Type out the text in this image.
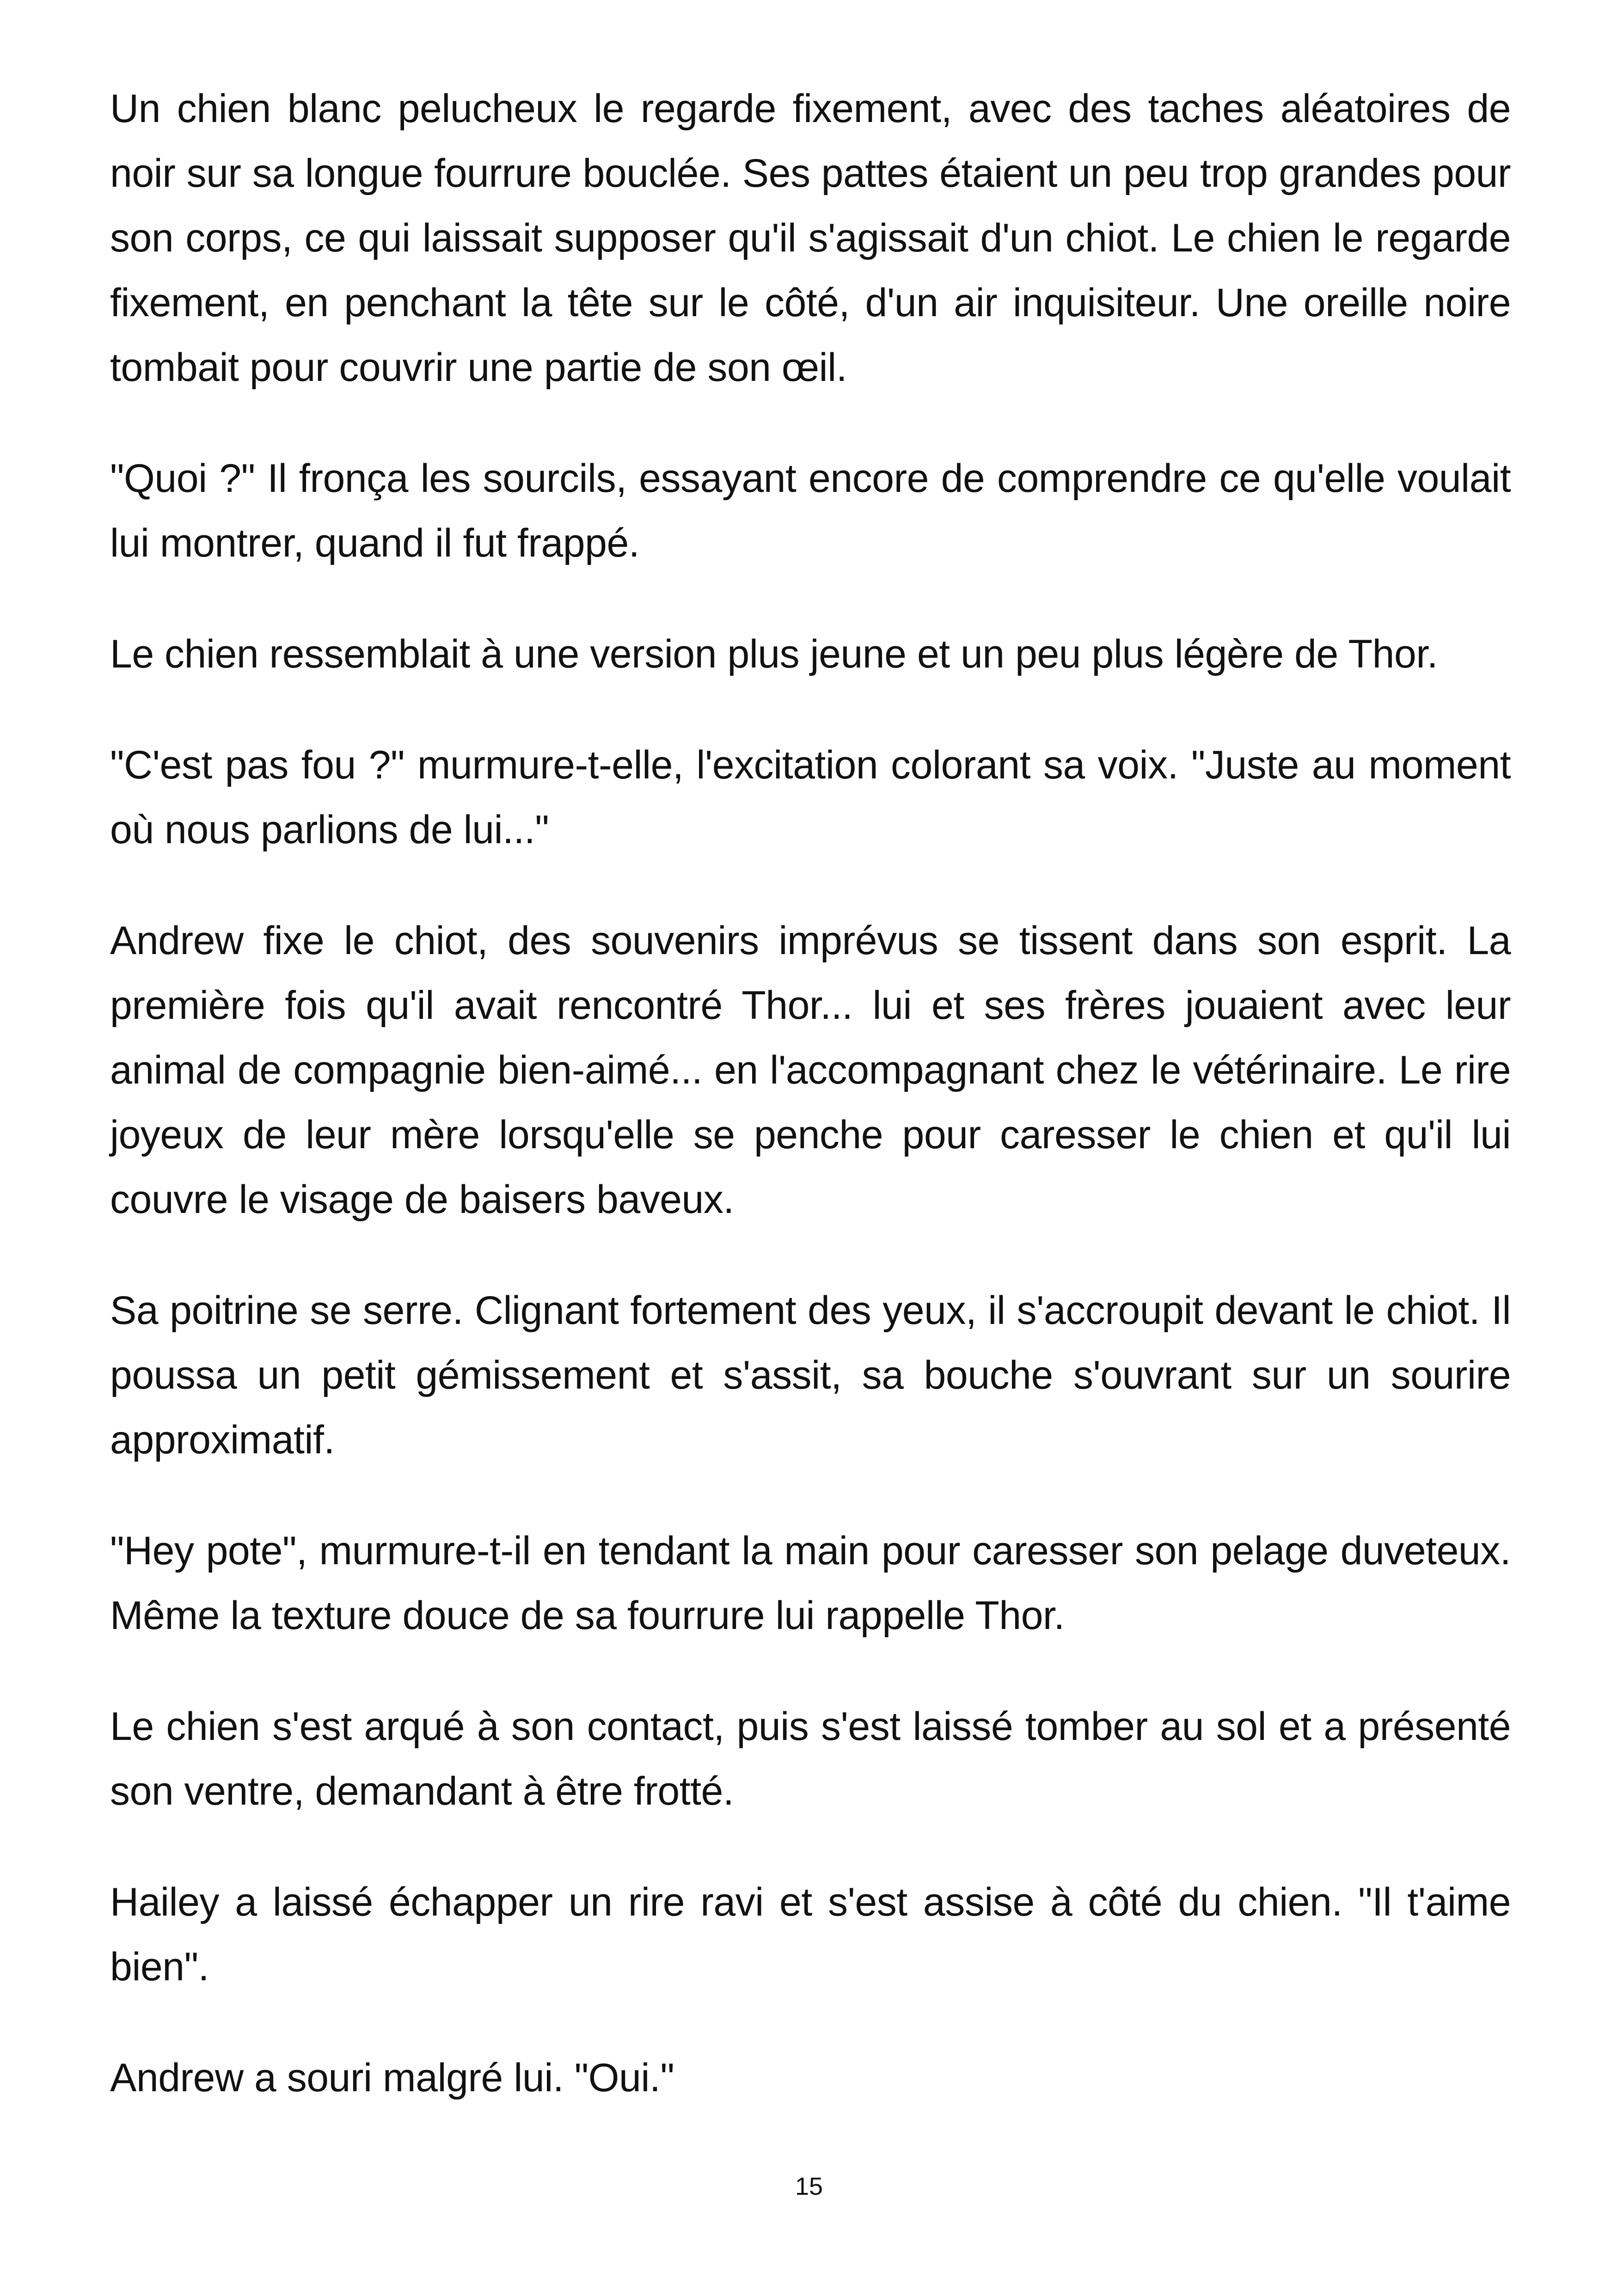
Un chien blanc pelucheux le regarde fixement, avec des taches aléatoires de noir sur sa longue fourrure bouclée. Ses pattes étaient un peu trop grandes pour son corps, ce qui laissait supposer qu'il s'agissait d'un chiot. Le chien le regarde fixement, en penchant la tête sur le côté, d'un air inquisiteur. Une oreille noire tombait pour couvrir une partie de son œil.

"Quoi ?" Il fronça les sourcils, essayant encore de comprendre ce qu'elle voulait lui montrer, quand il fut frappé.

Le chien ressemblait à une version plus jeune et un peu plus légère de Thor.

"C'est pas fou ?" murmure-t-elle, l'excitation colorant sa voix. "Juste au moment où nous parlions de lui..."

Andrew fixe le chiot, des souvenirs imprévus se tissent dans son esprit. La première fois qu'il avait rencontré Thor... lui et ses frères jouaient avec leur animal de compagnie bien-aimé... en l'accompagnant chez le vétérinaire. Le rire joyeux de leur mère lorsqu'elle se penche pour caresser le chien et qu'il lui couvre le visage de baisers baveux.

Sa poitrine se serre. Clignant fortement des yeux, il s'accroupit devant le chiot. Il poussa un petit gémissement et s'assit, sa bouche s'ouvrant sur un sourire approximatif.

"Hey pote", murmure-t-il en tendant la main pour caresser son pelage duveteux. Même la texture douce de sa fourrure lui rappelle Thor.

Le chien s'est arqué à son contact, puis s'est laissé tomber au sol et a présenté son ventre, demandant à être frotté.

Hailey a laissé échapper un rire ravi et s'est assise à côté du chien. "Il t'aime bien".

Andrew a souri malgré lui. "Oui."

15
